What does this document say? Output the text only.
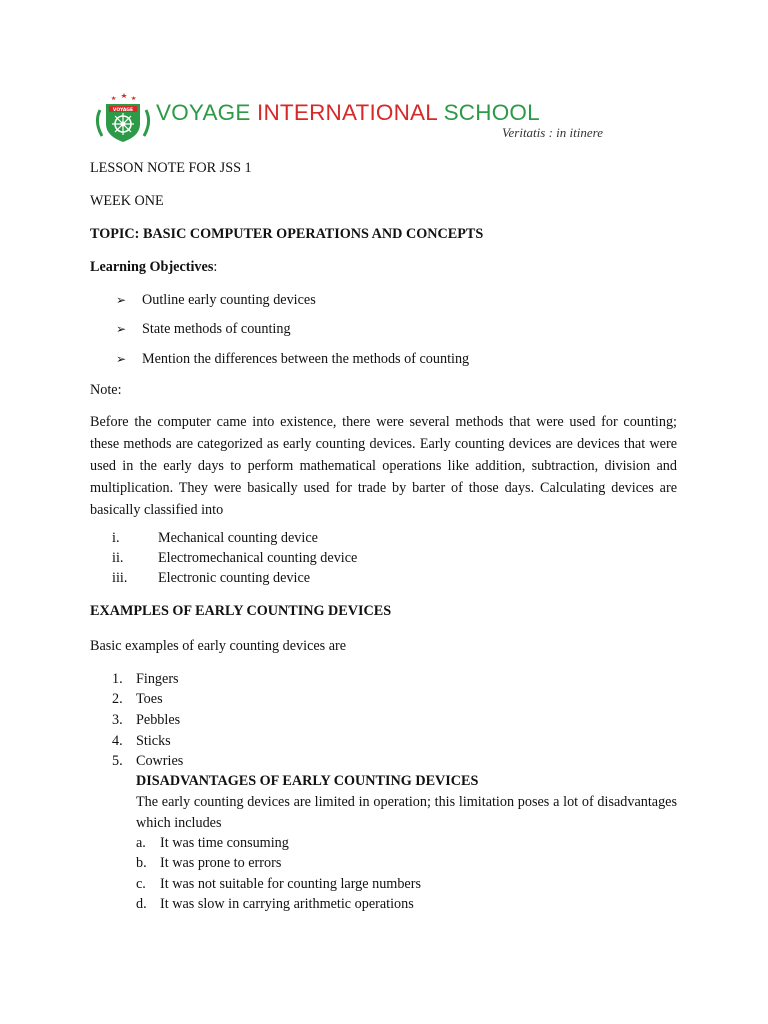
VOYAGE VOYAGE INTERNATIONAL SCHOOL
Veritatis : in itinere
LESSON NOTE FOR JSS 1
WEEK ONE
TOPIC: BASIC COMPUTER OPERATIONS AND CONCEPTS
Learning Objectives:
➢ Outline early counting devices
➢ State methods of counting
➢ Mention the differences between the methods of counting
Note:
Before the computer came into existence, there were several methods that were used for counting; these methods are categorized as early counting devices. Early counting devices are devices that were used in the early days to perform mathematical operations like addition, subtraction, division and multiplication. They were basically used for trade by barter of those days. Calculating devices are basically classified into
i.	Mechanical counting device
ii. Electromechanical counting device
iii. Electronic counting device
EXAMPLES OF EARLY COUNTING DEVICES
Basic examples of early counting devices are
1. Fingers
2. Toes
3. Pebbles
4. Sticks
5. Cowries
DISADVANTAGES OF EARLY COUNTING DEVICES
The early counting devices are limited in operation; this limitation poses a lot of disadvantages which includes
a. It was time consuming
b. It was prone to errors
c. It was not suitable for counting large numbers
d. It was slow in carrying arithmetic operations
